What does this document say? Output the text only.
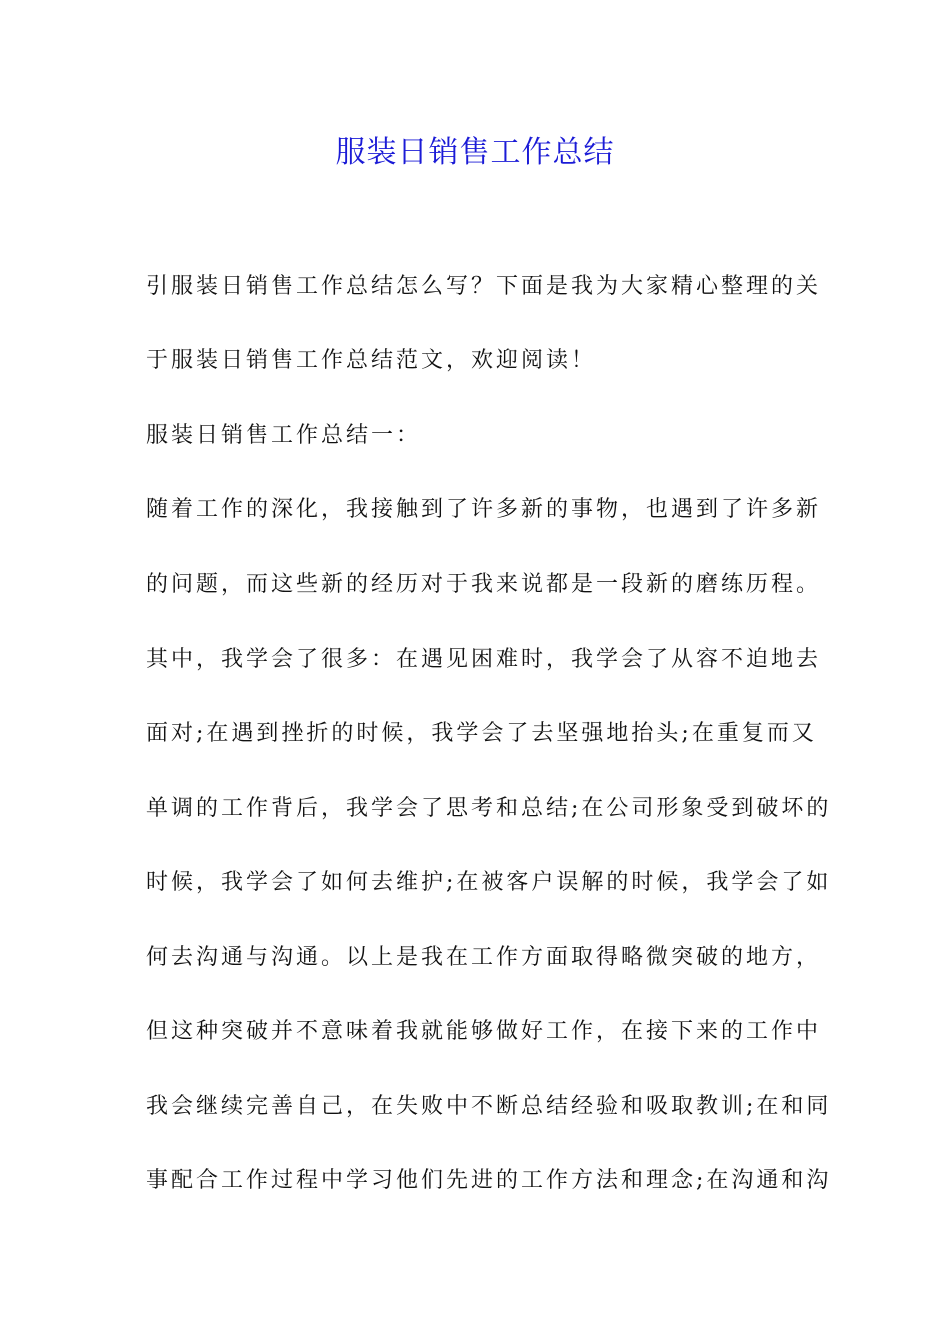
服装日销售工作总结

引服装日销售工作总结怎么写？下面是我为大家精心整理的关

于服装日销售工作总结范文，欢迎阅读！

服装日销售工作总结一：

随着工作的深化，我接触到了许多新的事物，也遇到了许多新

的问题，而这些新的经历对于我来说都是一段新的磨练历程。

其中，我学会了很多：在遇见困难时，我学会了从容不迫地去

面对;在遇到挫折的时候，我学会了去坚强地抬头;在重复而又

单调的工作背后，我学会了思考和总结;在公司形象受到破坏的

时候，我学会了如何去维护;在被客户误解的时候，我学会了如

何去沟通与沟通。以上是我在工作方面取得略微突破的地方，

但这种突破并不意味着我就能够做好工作，在接下来的工作中

我会继续完善自己，在失败中不断总结经验和吸取教训;在和同

事配合工作过程中学习他们先进的工作方法和理念;在沟通和沟
